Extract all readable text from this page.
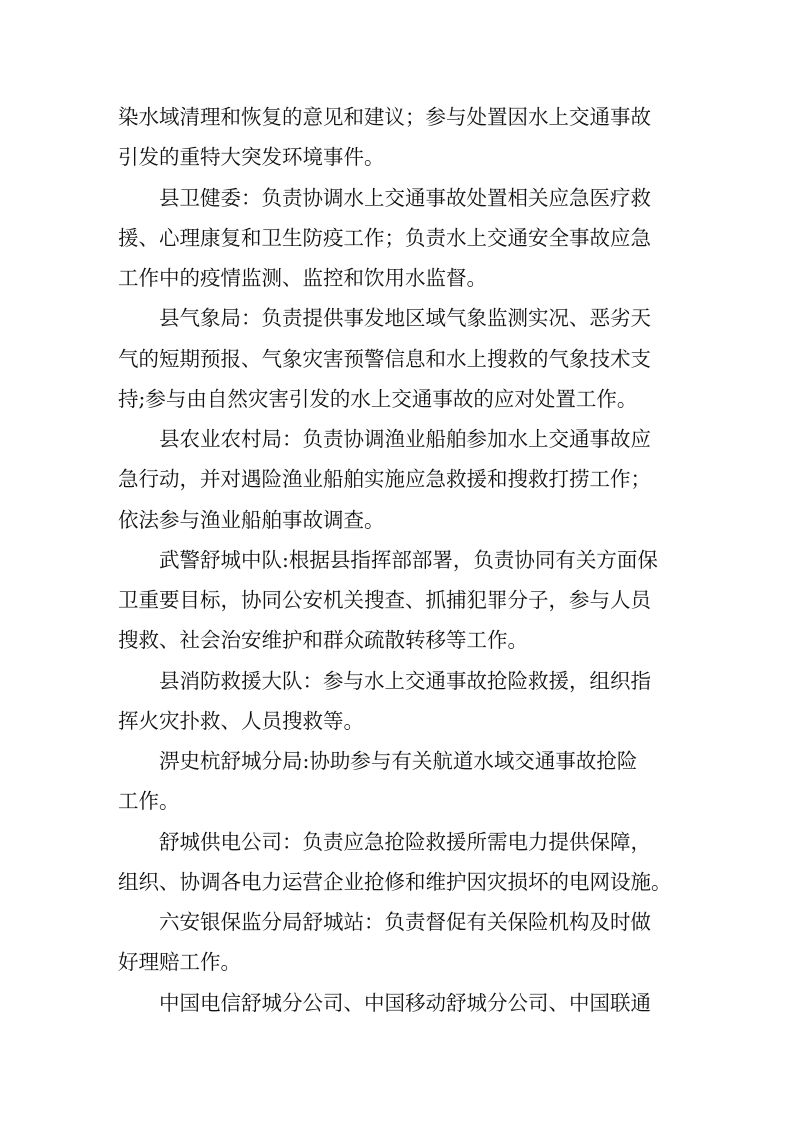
染水域清理和恢复的意见和建议；参与处置因水上交通事故
引发的重特大突发环境事件。
县卫健委：负责协调水上交通事故处置相关应急医疗救
援、心理康复和卫生防疫工作；负责水上交通安全事故应急
工作中的疫情监测、监控和饮用水监督。
县气象局：负责提供事发地区域气象监测实况、恶劣天
气的短期预报、气象灾害预警信息和水上搜救的气象技术支
持;参与由自然灾害引发的水上交通事故的应对处置工作。
县农业农村局：负责协调渔业船舶参加水上交通事故应
急行动，并对遇险渔业船舶实施应急救援和搜救打捞工作；
依法参与渔业船舶事故调查。
武警舒城中队:根据县指挥部部署，负责协同有关方面保
卫重要目标，协同公安机关搜查、抓捕犯罪分子，参与人员
搜救、社会治安维护和群众疏散转移等工作。
县消防救援大队：参与水上交通事故抢险救援，组织指
挥火灾扑救、人员搜救等。
淠史杭舒城分局:协助参与有关航道水域交通事故抢险
工作。
舒城供电公司：负责应急抢险救援所需电力提供保障，
组织、协调各电力运营企业抢修和维护因灾损坏的电网设施。
六安银保监分局舒城站：负责督促有关保险机构及时做
好理赔工作。
中国电信舒城分公司、中国移动舒城分公司、中国联通
